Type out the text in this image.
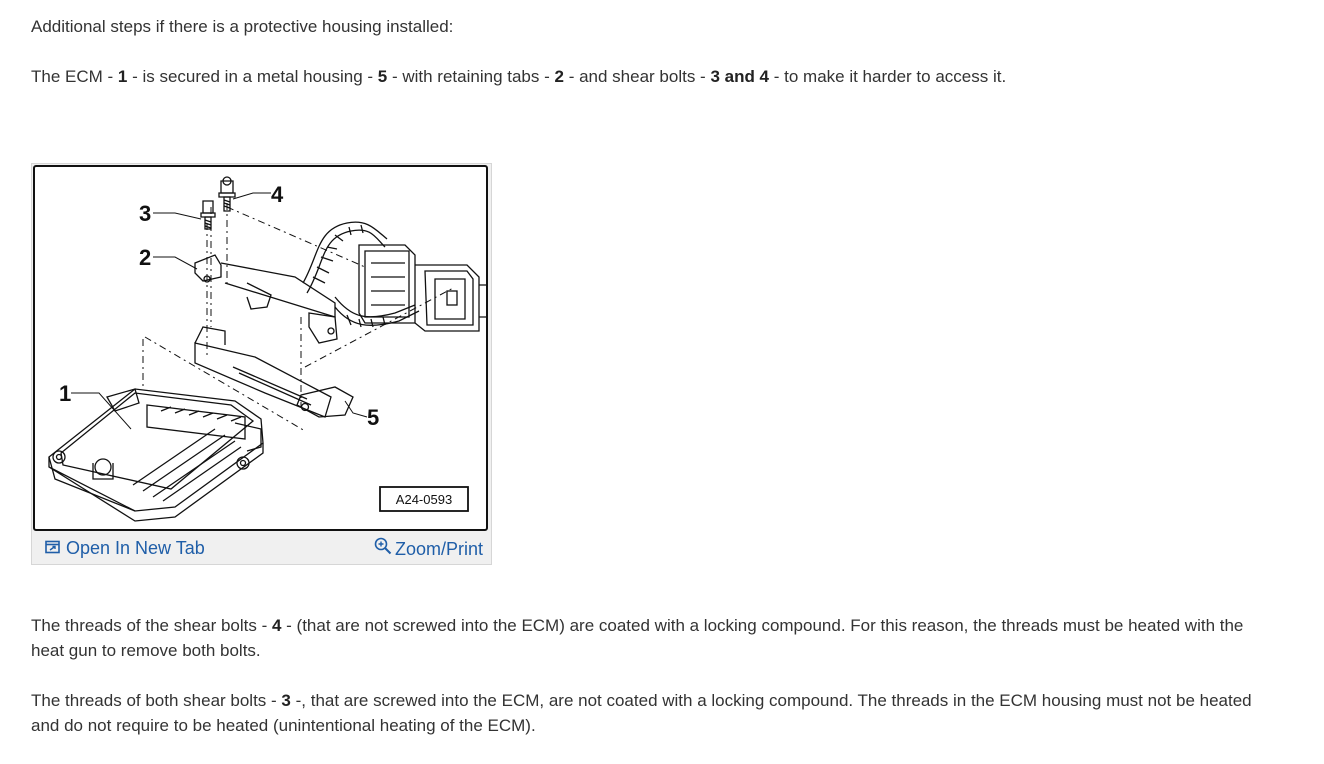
Additional steps if there is a protective housing installed:

The ECM - 1 - is secured in a metal housing - 5 - with retaining tabs - 2 - and shear bolts - 3 and 4 - to make it harder to access it.

1
2
3
4
5
A24-0593
Open In New Tab	Zoom/Print

The threads of the shear bolts - 4 - (that are not screwed into the ECM) are coated with a locking compound. For this reason, the threads must be heated with the heat gun to remove both bolts.

The threads of both shear bolts - 3 -, that are screwed into the ECM, are not coated with a locking compound. The threads in the ECM housing must not be heated and do not require to be heated (unintentional heating of the ECM).
